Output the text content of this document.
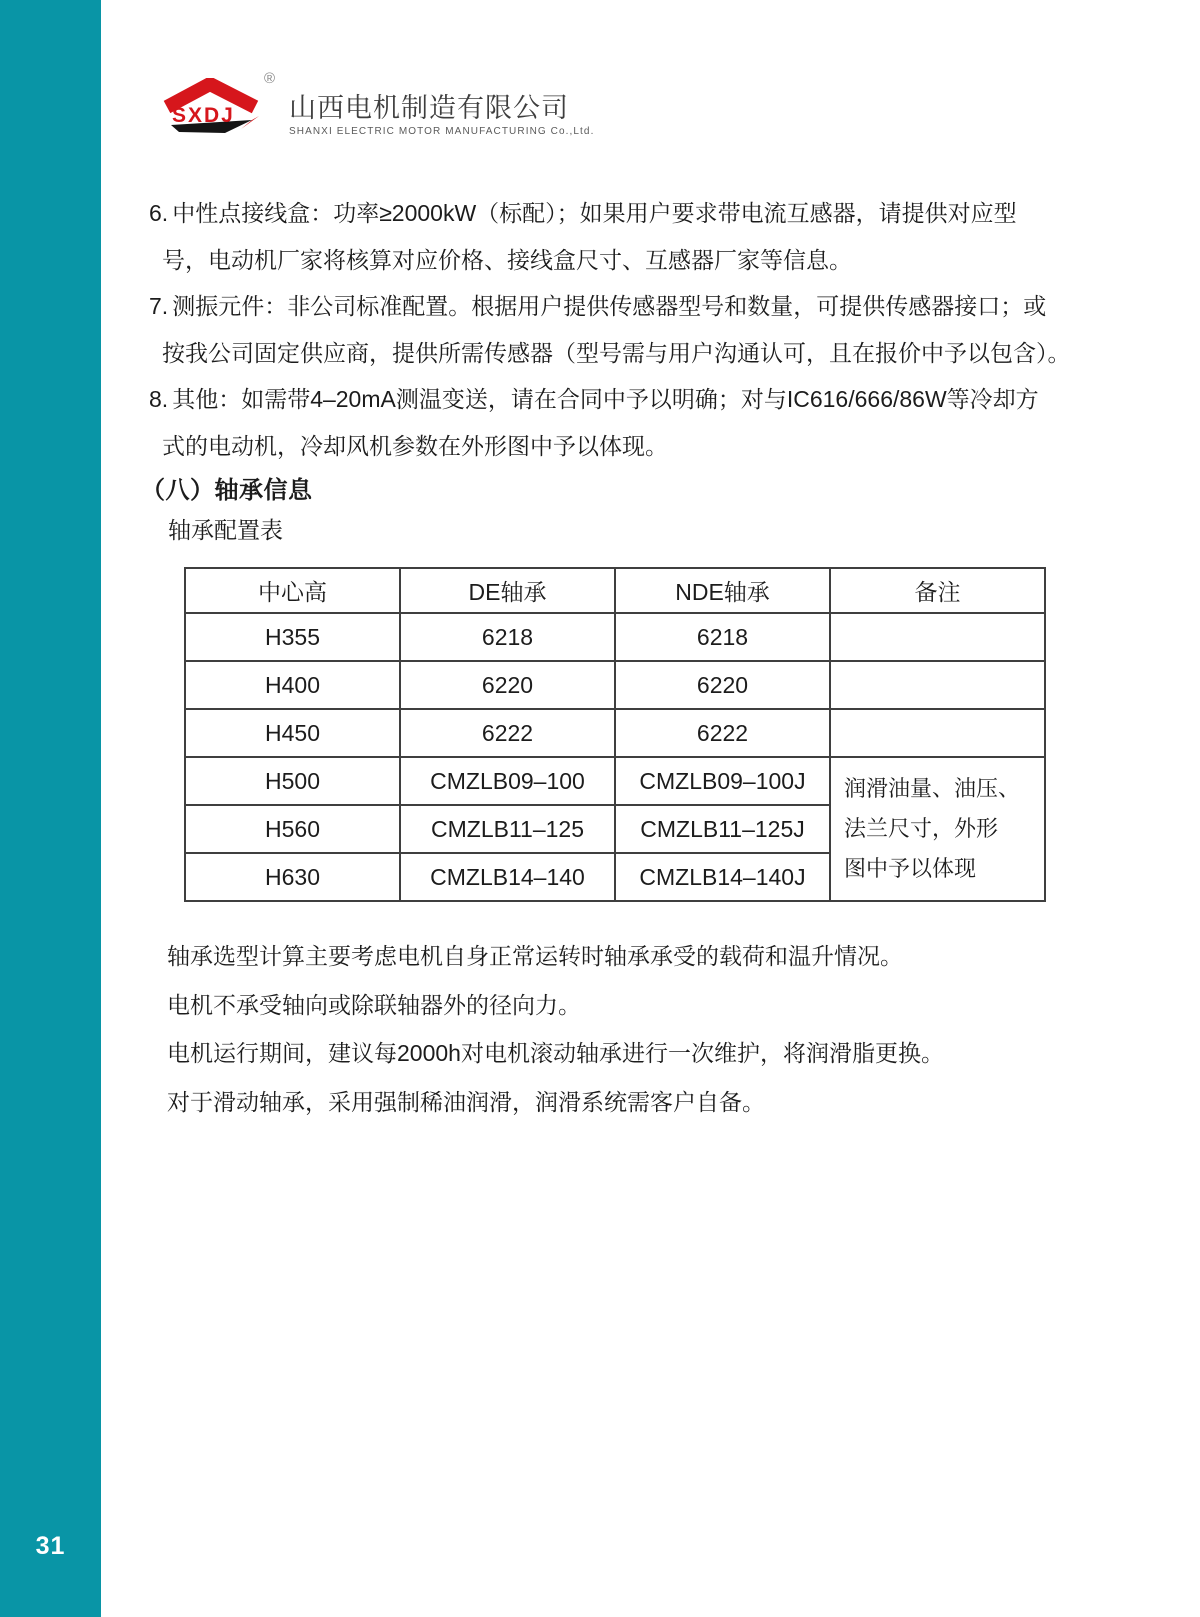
31
SXDJ
®
山西电机制造有限公司
SHANXI ELECTRIC MOTOR MANUFACTURING Co.,Ltd.
6. 中性点接线盒：功率≥2000kW（标配）；如果用户要求带电流互感器，请提供对应型
号，电动机厂家将核算对应价格、接线盒尺寸、互感器厂家等信息。
7. 测振元件：非公司标准配置。根据用户提供传感器型号和数量，可提供传感器接口；或
按我公司固定供应商，提供所需传感器（型号需与用户沟通认可，且在报价中予以包含）。
8. 其他：如需带4–20mA测温变送，请在合同中予以明确；对与IC616/666/86W等冷却方
式的电动机，冷却风机参数在外形图中予以体现。
（八）轴承信息
轴承配置表
中心高	DE轴承	NDE轴承	备注
H355	6218	6218	
H400	6220	6220	
H450	6222	6222	
H500	CMZLB09–100	CMZLB09–100J	润滑油量、油压、
法兰尺寸，外形
图中予以体现

H560	CMZLB11–125	CMZLB11–125J	
H630	CMZLB14–140	CMZLB14–140J	

轴承选型计算主要考虑电机自身正常运转时轴承承受的载荷和温升情况。

电机不承受轴向或除联轴器外的径向力。

电机运行期间，建议每2000h对电机滚动轴承进行一次维护，将润滑脂更换。

对于滑动轴承，采用强制稀油润滑，润滑系统需客户自备。
